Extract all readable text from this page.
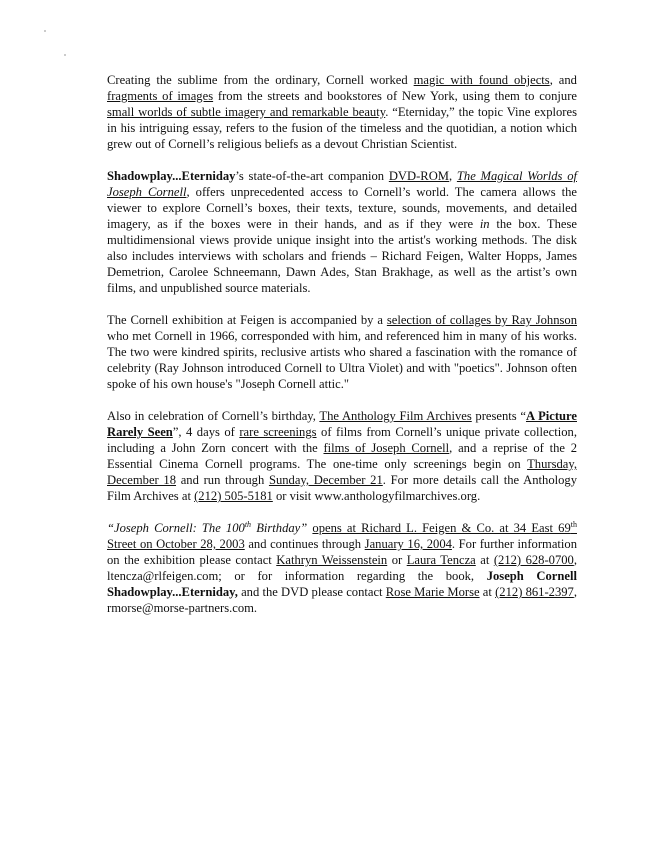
Creating the sublime from the ordinary, Cornell worked magic with found objects, and fragments of images from the streets and bookstores of New York, using them to conjure small worlds of subtle imagery and remarkable beauty. “Eterniday,” the topic Vine explores in his intriguing essay, refers to the fusion of the timeless and the quotidian, a notion which grew out of Cornell’s religious beliefs as a devout Christian Scientist.

Shadowplay...Eterniday’s state-of-the-art companion DVD-ROM, The Magical Worlds of Joseph Cornell, offers unprecedented access to Cornell’s world. The camera allows the viewer to explore Cornell’s boxes, their texts, texture, sounds, movements, and detailed imagery, as if the boxes were in their hands, and as if they were in the box. These multidimensional views provide unique insight into the artist's working methods. The disk also includes interviews with scholars and friends – Richard Feigen, Walter Hopps, James Demetrion, Carolee Schneemann, Dawn Ades, Stan Brakhage, as well as the artist’s own films, and unpublished source materials.

The Cornell exhibition at Feigen is accompanied by a selection of collages by Ray Johnson who met Cornell in 1966, corresponded with him, and referenced him in many of his works. The two were kindred spirits, reclusive artists who shared a fascination with the romance of celebrity (Ray Johnson introduced Cornell to Ultra Violet) and with "poetics". Johnson often spoke of his own house's "Joseph Cornell attic."

Also in celebration of Cornell’s birthday, The Anthology Film Archives presents “A Picture Rarely Seen”, 4 days of rare screenings of films from Cornell’s unique private collection, including a John Zorn concert with the films of Joseph Cornell, and a reprise of the 2 Essential Cinema Cornell programs. The one-time only screenings begin on Thursday, December 18 and run through Sunday, December 21. For more details call the Anthology Film Archives at (212) 505-5181 or visit www.anthologyfilmarchives.org.

“Joseph Cornell: The 100th Birthday” opens at Richard L. Feigen & Co. at 34 East 69th Street on October 28, 2003 and continues through January 16, 2004. For further information on the exhibition please contact Kathryn Weissenstein or Laura Tencza at (212) 628-0700, ltencza@rlfeigen.com; or for information regarding the book, Joseph Cornell Shadowplay...Eterniday, and the DVD please contact Rose Marie Morse at (212) 861-2397, rmorse@morse-partners.com.
